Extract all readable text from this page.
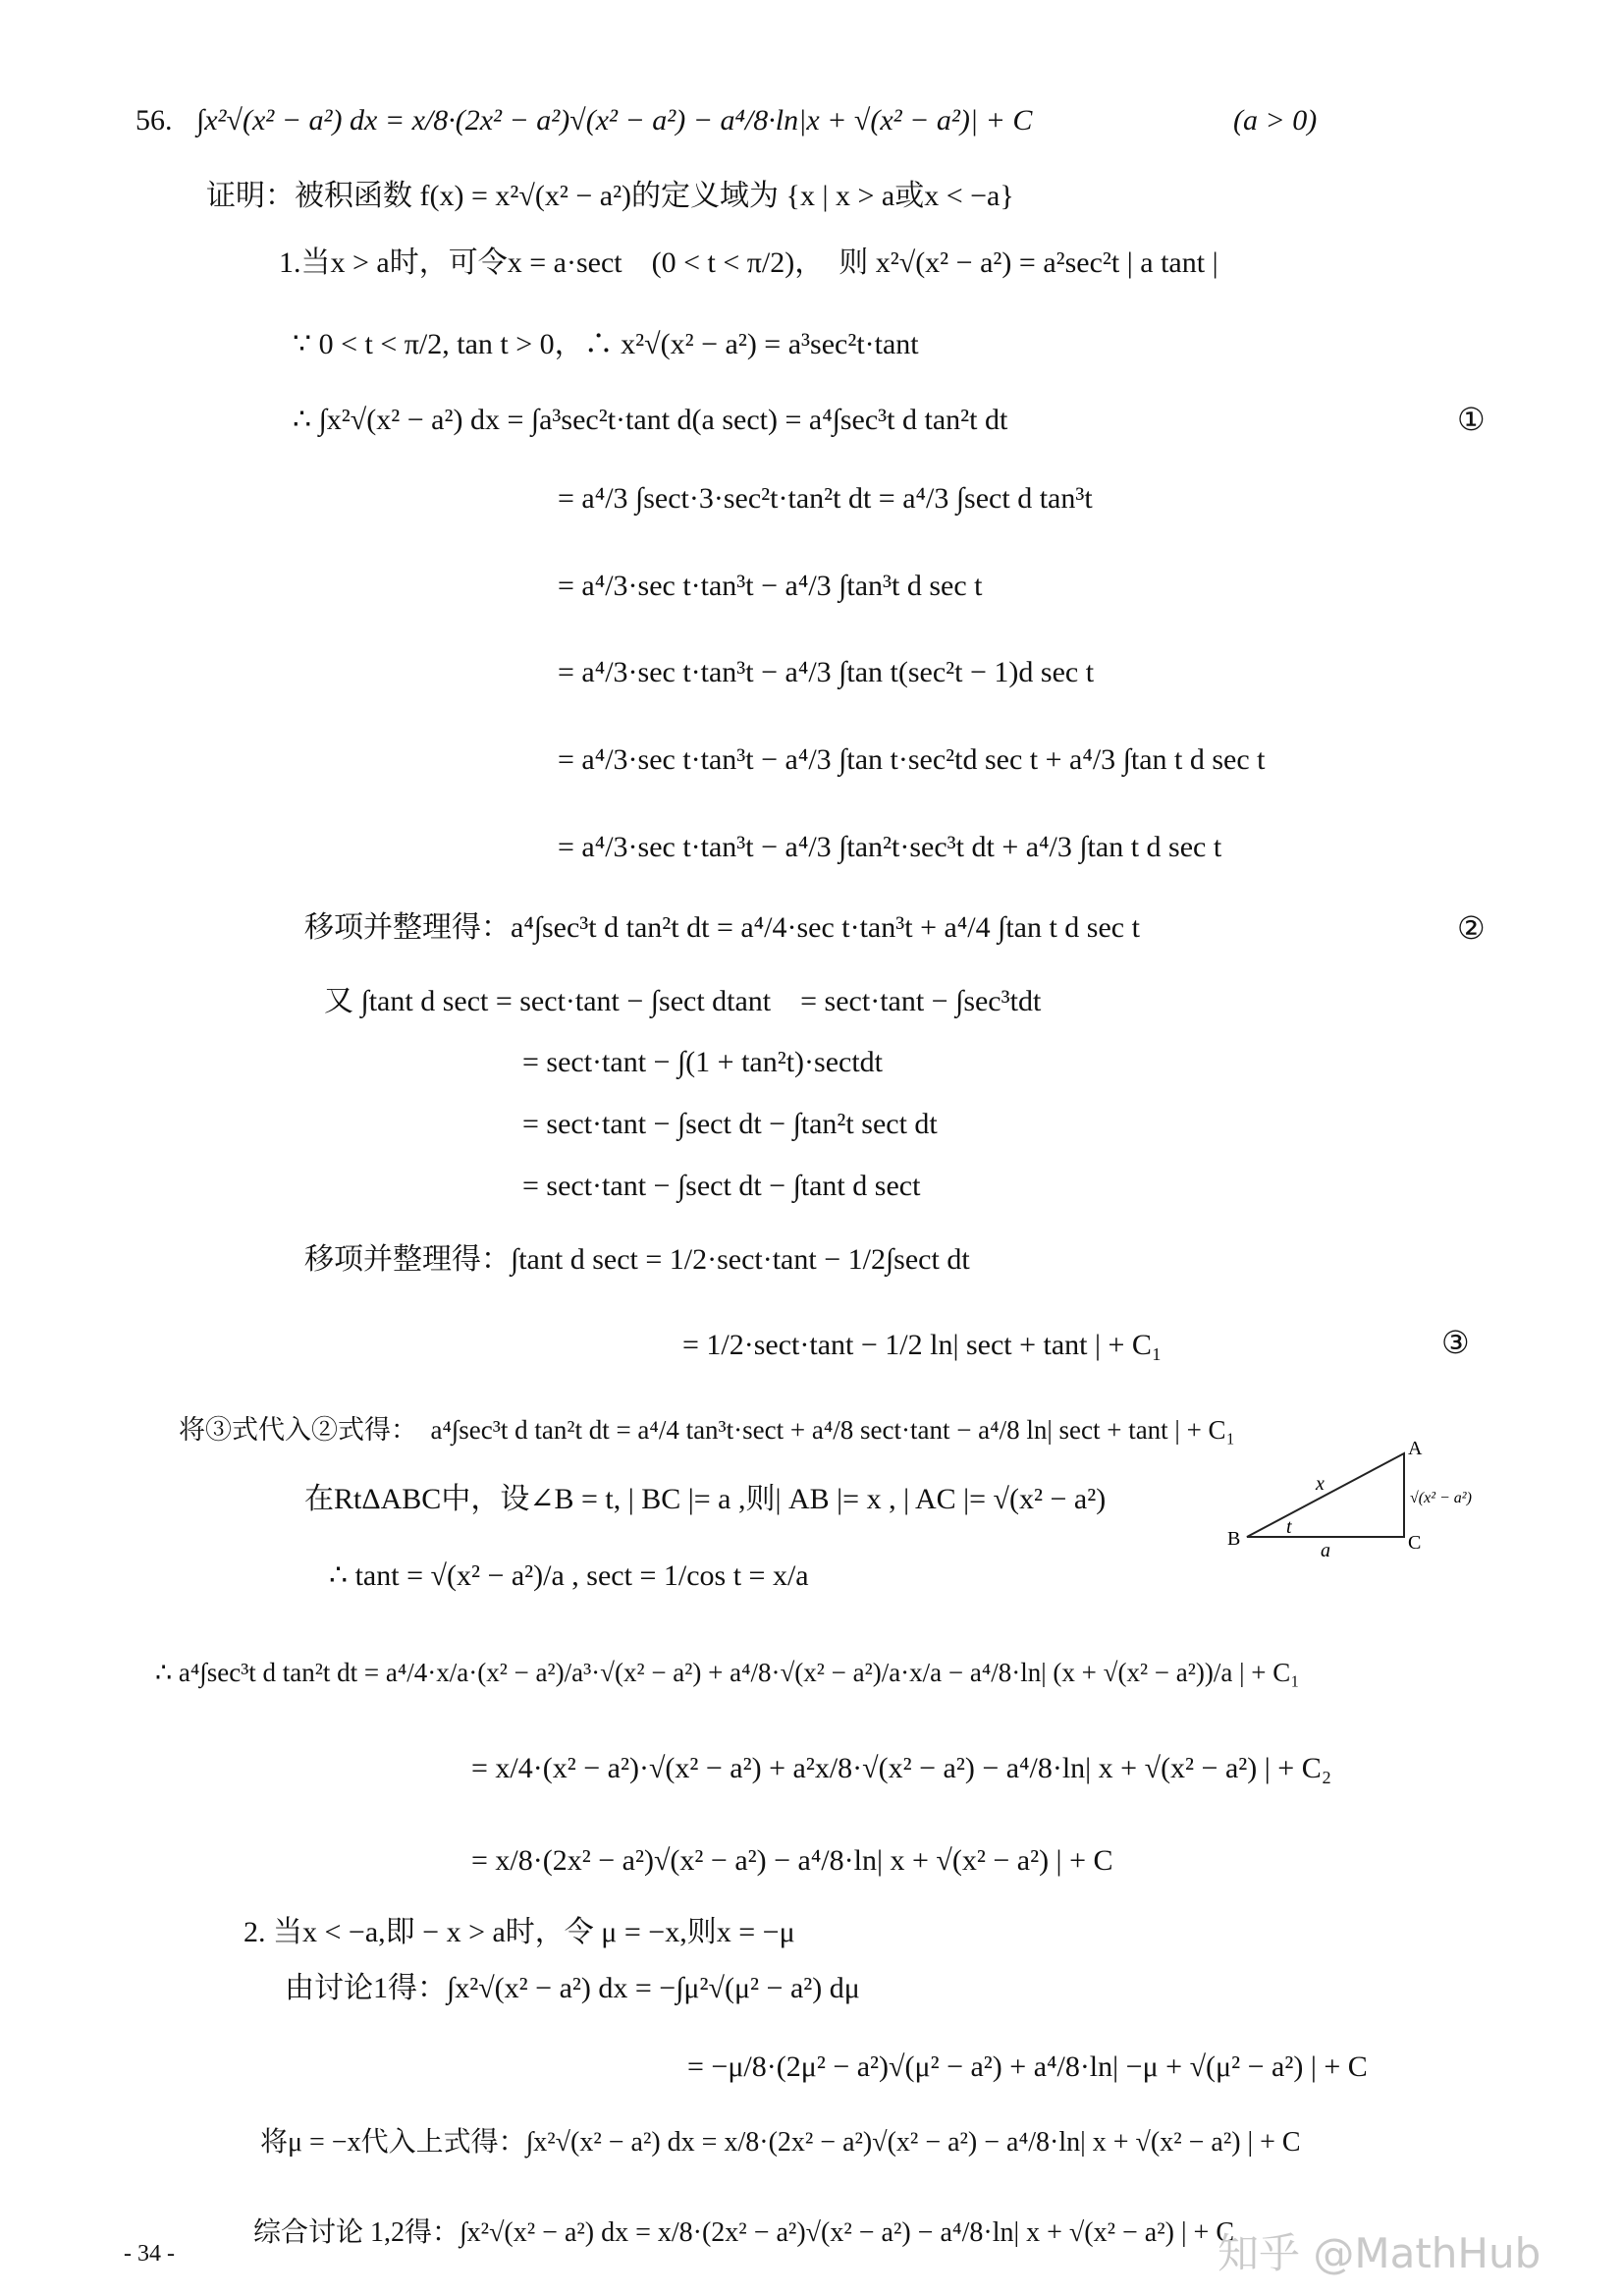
56. ∫x²√(x² − a²) dx = x/8·(2x² − a²)√(x² − a²) − a⁴/8·ln|x + √(x² − a²)| + C	(a > 0)
证明：被积函数 f(x) = x²√(x² − a²)的定义域为 {x | x > a或x < −a}
1.当x > a时，可令x = a·sect　(0 < t < π/2)，　则 x²√(x² − a²) = a²sec²t | a tant |
∵ 0 < t < π/2, tan t > 0，∴ x²√(x² − a²) = a³sec²t·tant
∴ ∫x²√(x² − a²) dx = ∫a³sec²t·tant d(a sect) = a⁴∫sec³t d tan²t dt	①
= a⁴/3 ∫sect·3·sec²t·tan²t dt = a⁴/3 ∫sect d tan³t
= a⁴/3·sec t·tan³t − a⁴/3 ∫tan³t d sec t
= a⁴/3·sec t·tan³t − a⁴/3 ∫tan t(sec²t − 1)d sec t
= a⁴/3·sec t·tan³t − a⁴/3 ∫tan t·sec²td sec t + a⁴/3 ∫tan t d sec t
= a⁴/3·sec t·tan³t − a⁴/3 ∫tan²t·sec³t dt + a⁴/3 ∫tan t d sec t
移项并整理得：a⁴∫sec³t d tan²t dt = a⁴/4·sec t·tan³t + a⁴/4 ∫tan t d sec t	②
又 ∫tant d sect = sect·tant − ∫sect dtant　= sect·tant − ∫sec³tdt
= sect·tant − ∫(1 + tan²t)·sectdt
= sect·tant − ∫sect dt − ∫tan²t sect dt
= sect·tant − ∫sect dt − ∫tant d sect
移项并整理得：∫tant d sect = 1/2·sect·tant − 1/2∫sect dt
= 1/2·sect·tant − 1/2 ln| sect + tant | + C₁	③
将③式代入②式得：　a⁴∫sec³t d tan²t dt = a⁴/4 tan³t·sect + a⁴/8 sect·tant − a⁴/8 ln| sect + tant | + C₁
在RtΔABC中，设∠B = t, | BC |= a ,则| AB |= x , | AC |= √(x² − a²)
∴ tant = √(x² − a²)/a , sect = 1/cos t = x/a
∴ a⁴∫sec³t d tan²t dt = a⁴/4·x/a·(x² − a²)/a³·√(x² − a²) + a⁴/8·√(x² − a²)/a·x/a − a⁴/8·ln| (x + √(x² − a²))/a | + C₁
= x/4·(x² − a²)·√(x² − a²) + a²x/8·√(x² − a²) − a⁴/8·ln| x + √(x² − a²) | + C₂
= x/8·(2x² − a²)√(x² − a²) − a⁴/8·ln| x + √(x² − a²) | + C
2. 当x < −a,即 − x > a时，令 μ = −x,则x = −μ
由讨论1得：∫x²√(x² − a²) dx = −∫μ²√(μ² − a²) dμ
= −μ/8·(2μ² − a²)√(μ² − a²) + a⁴/8·ln| −μ + √(μ² − a²) | + C
将μ = −x代入上式得：∫x²√(x² − a²) dx = x/8·(2x² − a²)√(x² − a²) − a⁴/8·ln| x + √(x² − a²) | + C
综合讨论 1,2得：∫x²√(x² − a²) dx = x/8·(2x² − a²)√(x² − a²) − a⁴/8·ln| x + √(x² − a²) | + C
B	C
A
x
a
t
√(x² − a²)
- 34 -	知乎 @MathHub
